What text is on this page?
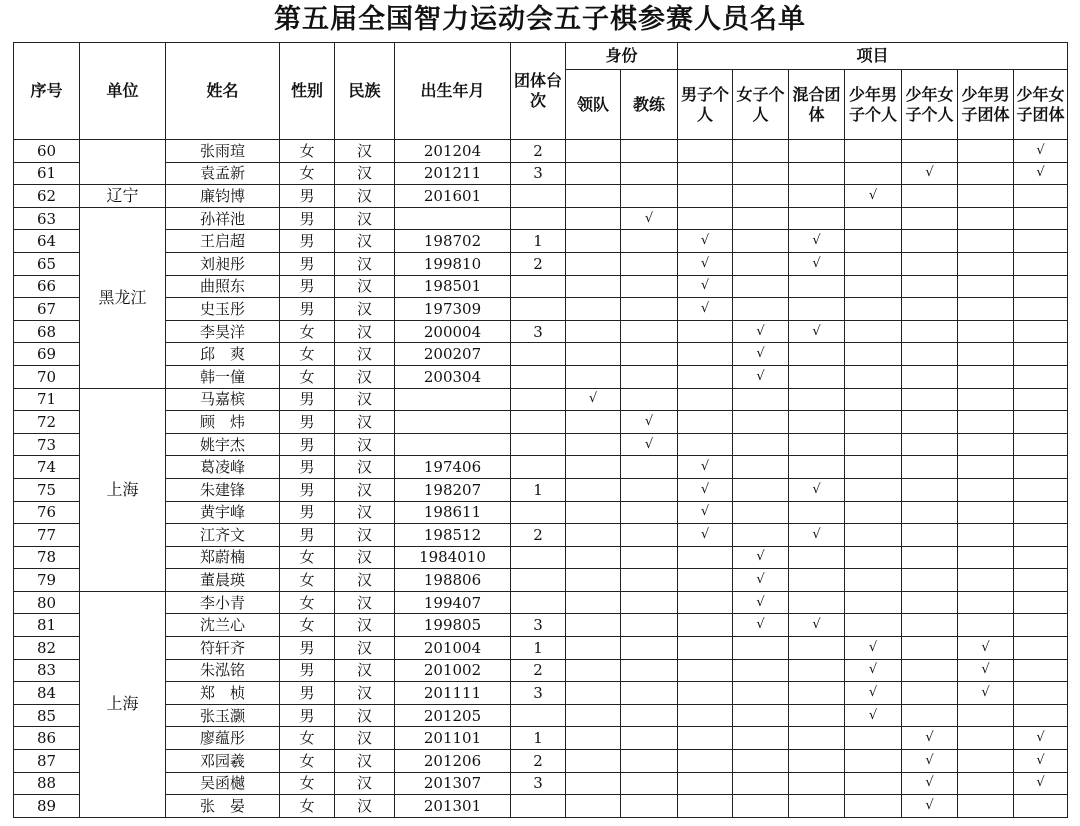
第五届全国智力运动会五子棋参赛人员名单
序号	单位	姓名	性别	民族	出生年月	团体台次	身份		项目						
							领队	教练	男子个人	女子个人	混合团体	少年男子个人	少年女子个人	少年男子团体	少年女子团体
60		张雨瑄	女	汉	201204	2									√
61		袁孟新	女	汉	201211	3							√		√
62	辽宁	廉钧博	男	汉	201601							√			
63	黑龙江	孙祥池	男	汉				√							
64		王启超	男	汉	198702	1			√		√				
65		刘昶彤	男	汉	199810	2			√		√				
66		曲照东	男	汉	198501				√						
67		史玉彤	男	汉	197309				√						
68		李昊洋	女	汉	200004	3				√	√				
69		邱　爽	女	汉	200207					√					
70		韩一僮	女	汉	200304					√					
71	上海	马嘉槟	男	汉			√								
72		顾　炜	男	汉				√							
73		姚宇杰	男	汉				√							
74		葛凌峰	男	汉	197406				√						
75		朱建锋	男	汉	198207	1			√		√				
76		黄宇峰	男	汉	198611				√						
77		江齐文	男	汉	198512	2			√		√				
78		郑蔚楠	女	汉	1984010					√					
79		董晨瑛	女	汉	198806					√					
80	上海	李小青	女	汉	199407					√					
81		沈兰心	女	汉	199805	3				√	√				
82		符轩齐	男	汉	201004	1						√		√	
83		朱泓铭	男	汉	201002	2						√		√	
84		郑　桢	男	汉	201111	3						√		√	
85		张玉灏	男	汉	201205							√			
86		廖蕴彤	女	汉	201101	1							√		√
87		邓园羲	女	汉	201206	2							√		√
88		吴函樾	女	汉	201307	3							√		√
89		张　晏	女	汉	201301								√		
